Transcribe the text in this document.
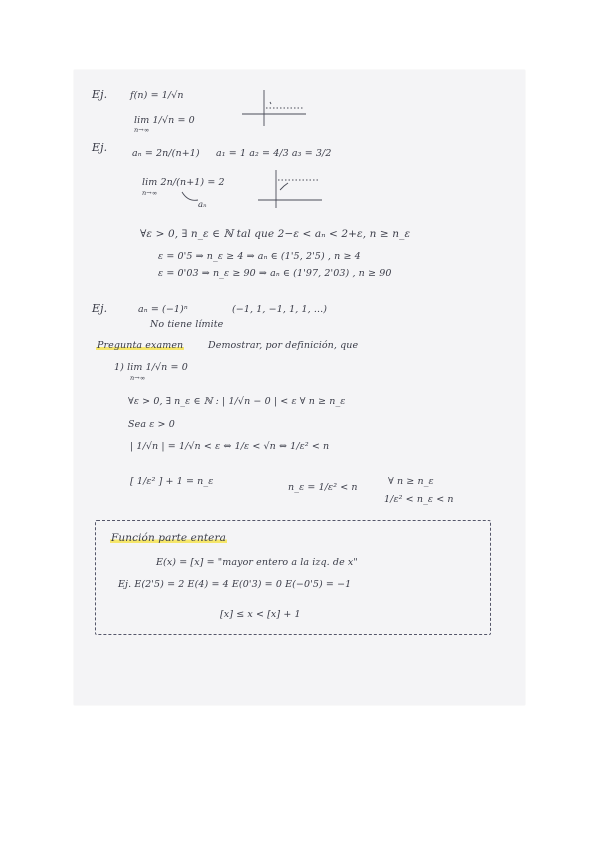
Ej. f(n) = 1/√n
lim 1/√n = 0
n→∞
Ej.	aₙ = 2n/(n+1) a₁ = 1 a₂ = 4/3 a₃ = 3/2
lim 2n/(n+1) = 2
n→∞
aₙ
∀ε > 0, ∃ n_ε ∈ ℕ tal que 2−ε < aₙ < 2+ε, n ≥ n_ε
ε = 0'5 ⇒ n_ε ≥ 4 ⇒ aₙ ∈ (1'5, 2'5) , n ≥ 4
ε = 0'03 ⇒ n_ε ≥ 90 ⇒ aₙ ∈ (1'97, 2'03) , n ≥ 90
Ej.	aₙ = (−1)ⁿ	(−1, 1, −1, 1, 1, ...)
No tiene límite
Pregunta examen	Demostrar, por definición, que
1) lim 1/√n = 0
n→∞
∀ε > 0, ∃ n_ε ∈ ℕ : | 1/√n − 0 | < ε ∀ n ≥ n_ε
Sea ε > 0
| 1/√n | = 1/√n < ε ⇔ 1/ε < √n ⇔ 1/ε² < n
[ 1/ε² ] + 1 = n_ε
n_ε = 1/ε² < n
∀ n ≥ n_ε
1/ε² < n_ε < n
Función parte entera
E(x) = [x] = "mayor entero a la izq. de x"
Ej. E(2'5) = 2 E(4) = 4 E(0'3) = 0 E(−0'5) = −1
[x] ≤ x < [x] + 1
